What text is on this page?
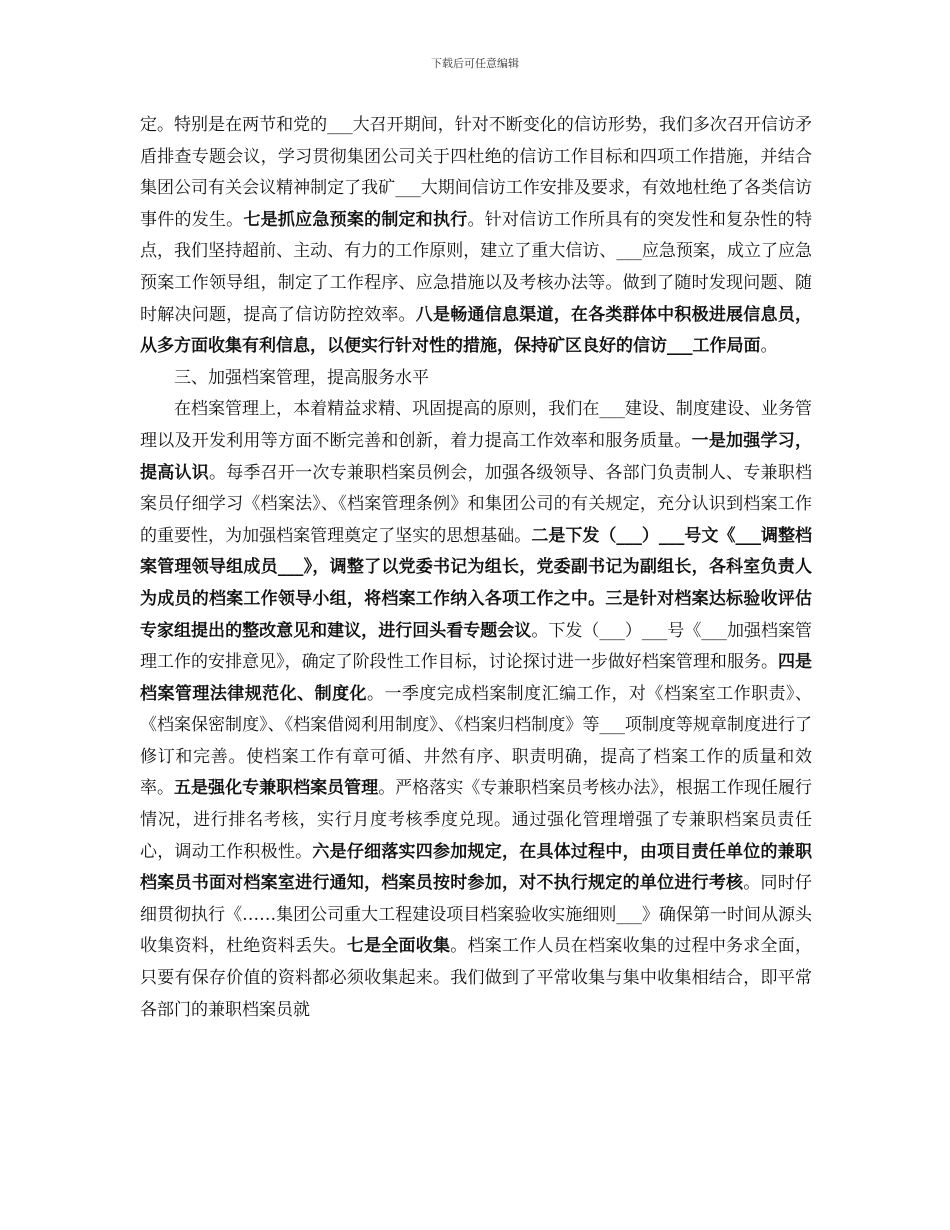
下载后可任意编辑

定。特别是在两节和党的___大召开期间，针对不断变化的信访形势，我们多次召开信访矛盾排查专题会议，学习贯彻集团公司关于四杜绝的信访工作目标和四项工作措施，并结合集团公司有关会议精神制定了我矿___大期间信访工作安排及要求，有效地杜绝了各类信访事件的发生。七是抓应急预案的制定和执行。针对信访工作所具有的突发性和复杂性的特点，我们坚持超前、主动、有力的工作原则，建立了重大信访、___应急预案，成立了应急预案工作领导组，制定了工作程序、应急措施以及考核办法等。做到了随时发现问题、随时解决问题，提高了信访防控效率。八是畅通信息渠道，在各类群体中积极进展信息员，从多方面收集有利信息，以便实行针对性的措施，保持矿区良好的信访___工作局面。

三、加强档案管理，提高服务水平

在档案管理上，本着精益求精、巩固提高的原则，我们在___建设、制度建设、业务管理以及开发利用等方面不断完善和创新，着力提高工作效率和服务质量。一是加强学习，提高认识。每季召开一次专兼职档案员例会，加强各级领导、各部门负责制人、专兼职档案员仔细学习《档案法》、《档案管理条例》和集团公司的有关规定，充分认识到档案工作的重要性，为加强档案管理奠定了坚实的思想基础。二是下发（___）___号文《___调整档案管理领导组成员___》，调整了以党委书记为组长，党委副书记为副组长，各科室负责人为成员的档案工作领导小组，将档案工作纳入各项工作之中。三是针对档案达标验收评估专家组提出的整改意见和建议，进行回头看专题会议。下发（___）___号《___加强档案管理工作的安排意见》，确定了阶段性工作目标，讨论探讨进一步做好档案管理和服务。四是档案管理法律规范化、制度化。一季度完成档案制度汇编工作，对《档案室工作职责》、《档案保密制度》、《档案借阅利用制度》、《档案归档制度》等___项制度等规章制度进行了修订和完善。使档案工作有章可循、井然有序、职责明确，提高了档案工作的质量和效率。五是强化专兼职档案员管理。严格落实《专兼职档案员考核办法》，根据工作现任履行情况，进行排名考核，实行月度考核季度兑现。通过强化管理增强了专兼职档案员责任心，调动工作积极性。六是仔细落实四参加规定，在具体过程中，由项目责任单位的兼职档案员书面对档案室进行通知，档案员按时参加，对不执行规定的单位进行考核。同时仔细贯彻执行《……集团公司重大工程建设项目档案验收实施细则___》确保第一时间从源头收集资料，杜绝资料丢失。七是全面收集。档案工作人员在档案收集的过程中务求全面，只要有保存价值的资料都必须收集起来。我们做到了平常收集与集中收集相结合，即平常各部门的兼职档案员就
